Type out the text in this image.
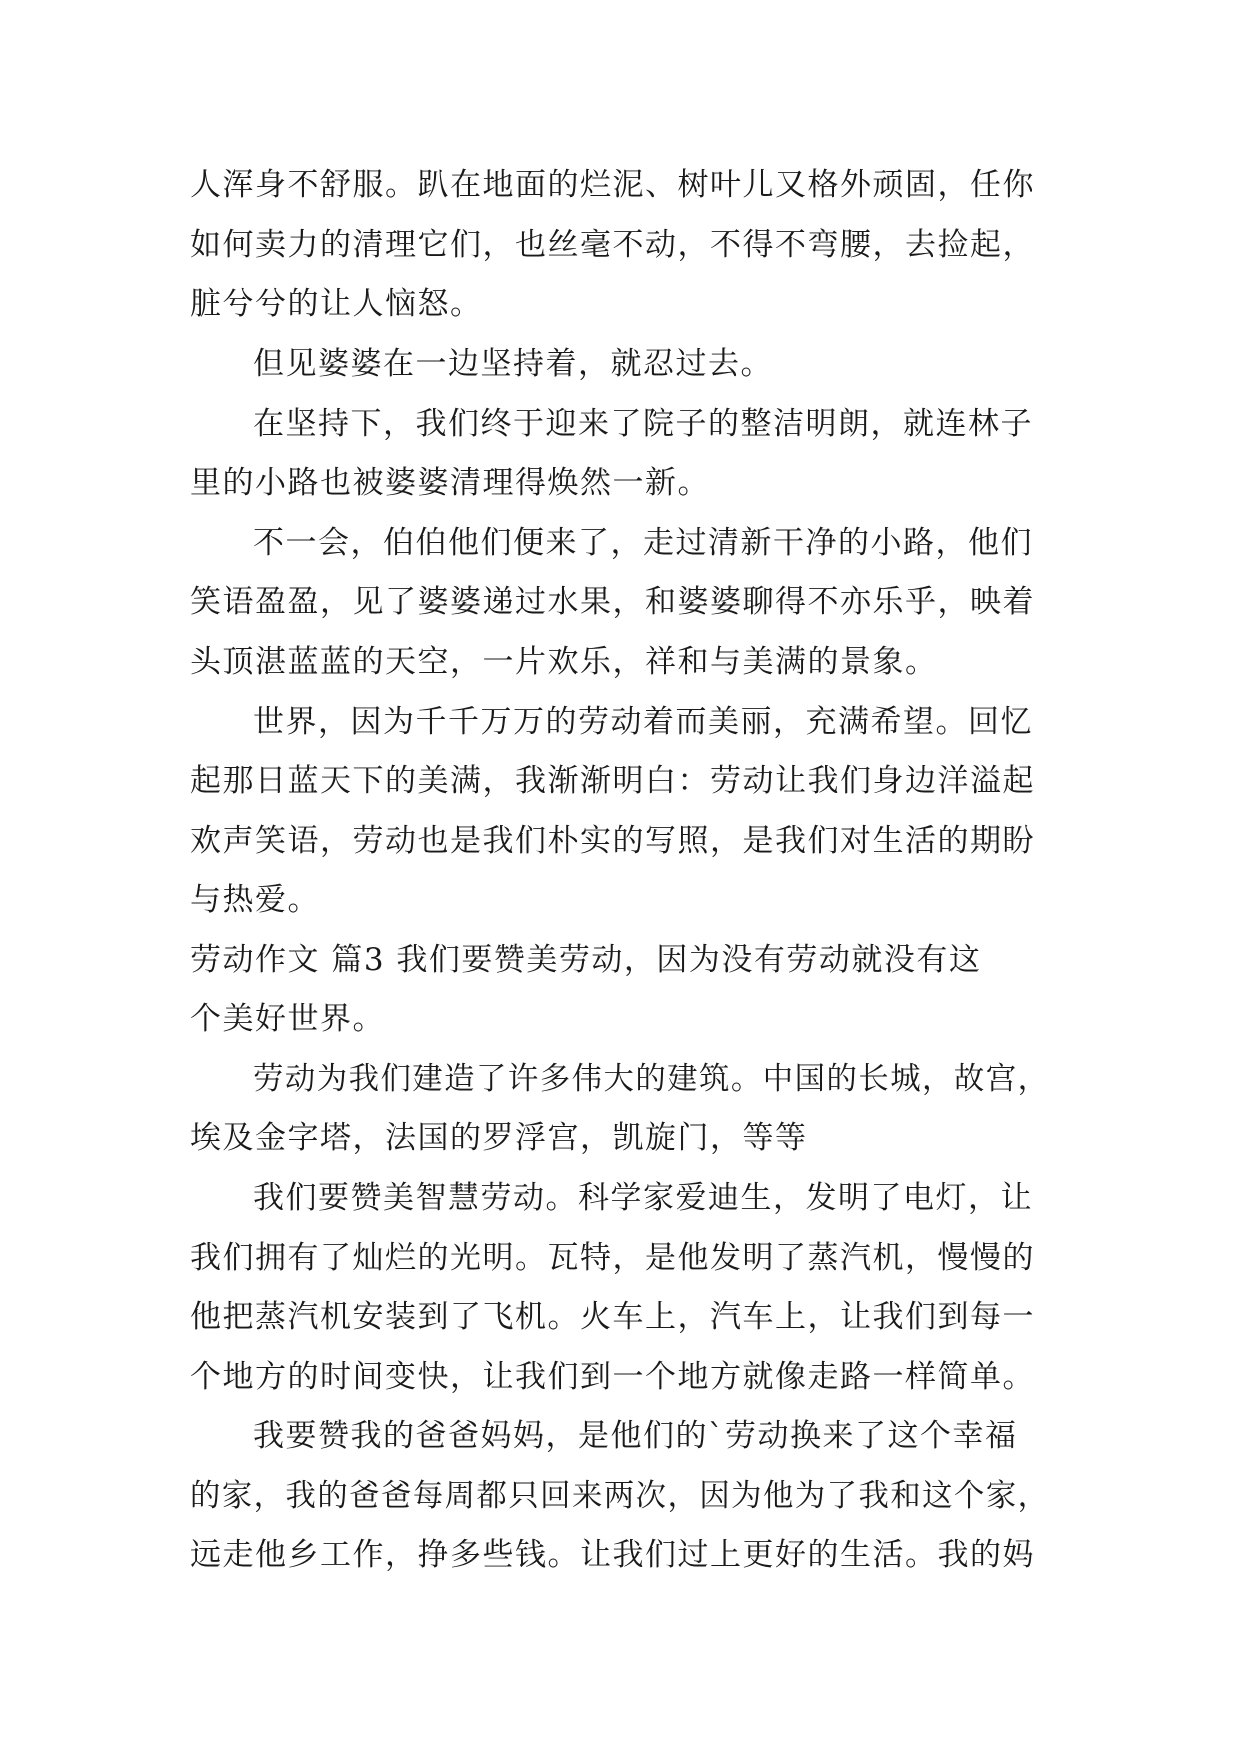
人浑身不舒服。趴在地面的烂泥、树叶儿又格外顽固，任你
如何卖力的清理它们，也丝毫不动，不得不弯腰，去捡起，
脏兮兮的让人恼怒。
但见婆婆在一边坚持着，就忍过去。
在坚持下，我们终于迎来了院子的整洁明朗，就连林子
里的小路也被婆婆清理得焕然一新。
不一会，伯伯他们便来了，走过清新干净的小路，他们
笑语盈盈，见了婆婆递过水果，和婆婆聊得不亦乐乎，映着
头顶湛蓝蓝的天空，一片欢乐，祥和与美满的景象。
世界，因为千千万万的劳动着而美丽，充满希望。回忆
起那日蓝天下的美满，我渐渐明白：劳动让我们身边洋溢起
欢声笑语，劳动也是我们朴实的写照，是我们对生活的期盼
与热爱。
劳动作文 篇3 我们要赞美劳动，因为没有劳动就没有这
个美好世界。
劳动为我们建造了许多伟大的建筑。中国的长城，故宫，
埃及金字塔，法国的罗浮宫，凯旋门，等等
我们要赞美智慧劳动。科学家爱迪生，发明了电灯，让
我们拥有了灿烂的光明。瓦特，是他发明了蒸汽机，慢慢的
他把蒸汽机安装到了飞机。火车上，汽车上，让我们到每一
个地方的时间变快，让我们到一个地方就像走路一样简单。
我要赞我的爸爸妈妈，是他们的`劳动换来了这个幸福
的家，我的爸爸每周都只回来两次，因为他为了我和这个家，
远走他乡工作，挣多些钱。让我们过上更好的生活。我的妈
